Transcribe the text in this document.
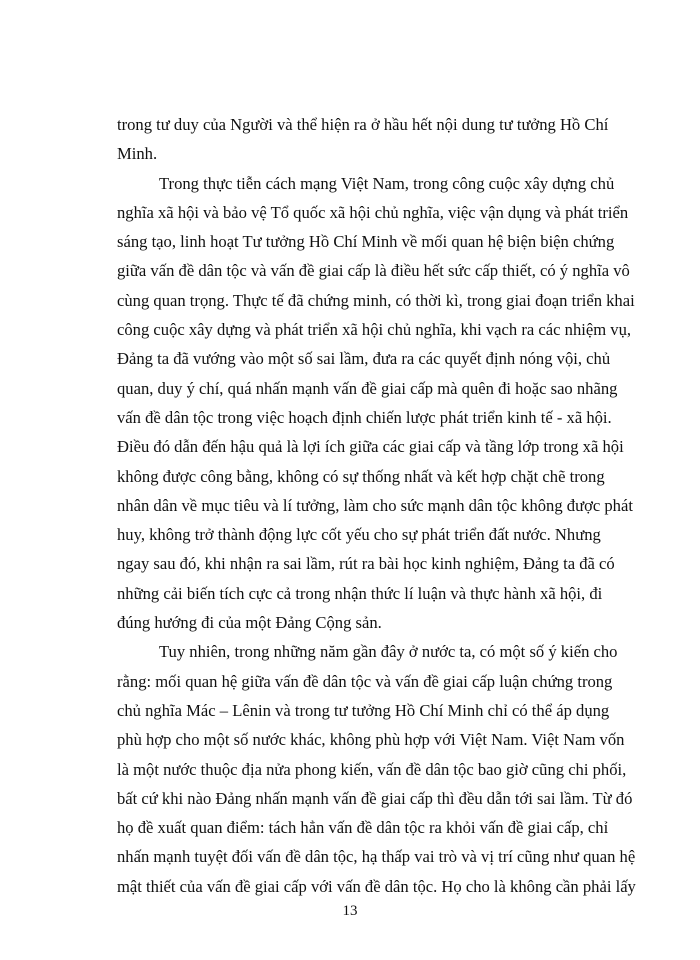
trong tư duy của Người và thể hiện ra ở hầu hết nội dung tư tưởng Hồ Chí
Minh.
Trong thực tiễn cách mạng Việt Nam, trong công cuộc xây dựng chủ
nghĩa xã hội và bảo vệ Tổ quốc xã hội chủ nghĩa, việc vận dụng và phát triển
sáng tạo, linh hoạt Tư tưởng Hồ Chí Minh về mối quan hệ biện biện chứng
giữa vấn đề dân tộc và vấn đề giai cấp là điều hết sức cấp thiết, có ý nghĩa vô
cùng quan trọng. Thực tế đã chứng minh, có thời kì, trong giai đoạn triển khai
công cuộc xây dựng và phát triển xã hội chủ nghĩa, khi vạch ra các nhiệm vụ,
Đảng ta đã vướng vào một số sai lầm, đưa ra các quyết định nóng vội, chủ
quan, duy ý chí, quá nhấn mạnh vấn đề giai cấp mà quên đi hoặc sao nhãng
vấn đề dân tộc trong việc hoạch định chiến lược phát triển kinh tế - xã hội.
Điều đó dẫn đến hậu quả là lợi ích giữa các giai cấp và tầng lớp trong xã hội
không được công bằng, không có sự thống nhất và kết hợp chặt chẽ trong
nhân dân về mục tiêu và lí tưởng, làm cho sức mạnh dân tộc không được phát
huy, không trở thành động lực cốt yếu cho sự phát triển đất nước. Nhưng
ngay sau đó, khi nhận ra sai lầm, rút ra bài học kinh nghiệm, Đảng ta đã có
những cải biến tích cực cả trong nhận thức lí luận và thực hành xã hội, đi
đúng hướng đi của một Đảng Cộng sản.
Tuy nhiên, trong những năm gần đây ở nước ta, có một số ý kiến cho
rằng: mối quan hệ giữa vấn đề dân tộc và vấn đề giai cấp luận chứng trong
chủ nghĩa Mác – Lênin và trong tư tưởng Hồ Chí Minh chỉ có thể áp dụng
phù hợp cho một số nước khác, không phù hợp với Việt Nam. Việt Nam vốn
là một nước thuộc địa nửa phong kiến, vấn đề dân tộc bao giờ cũng chi phối,
bất cứ khi nào Đảng nhấn mạnh vấn đề giai cấp thì đều dẫn tới sai lầm. Từ đó
họ đề xuất quan điểm: tách hẳn vấn đề dân tộc ra khỏi vấn đề giai cấp, chỉ
nhấn mạnh tuyệt đối vấn đề dân tộc, hạ thấp vai trò và vị trí cũng như quan hệ
mật thiết của vấn đề giai cấp với vấn đề dân tộc. Họ cho là không cần phải lấy
13
